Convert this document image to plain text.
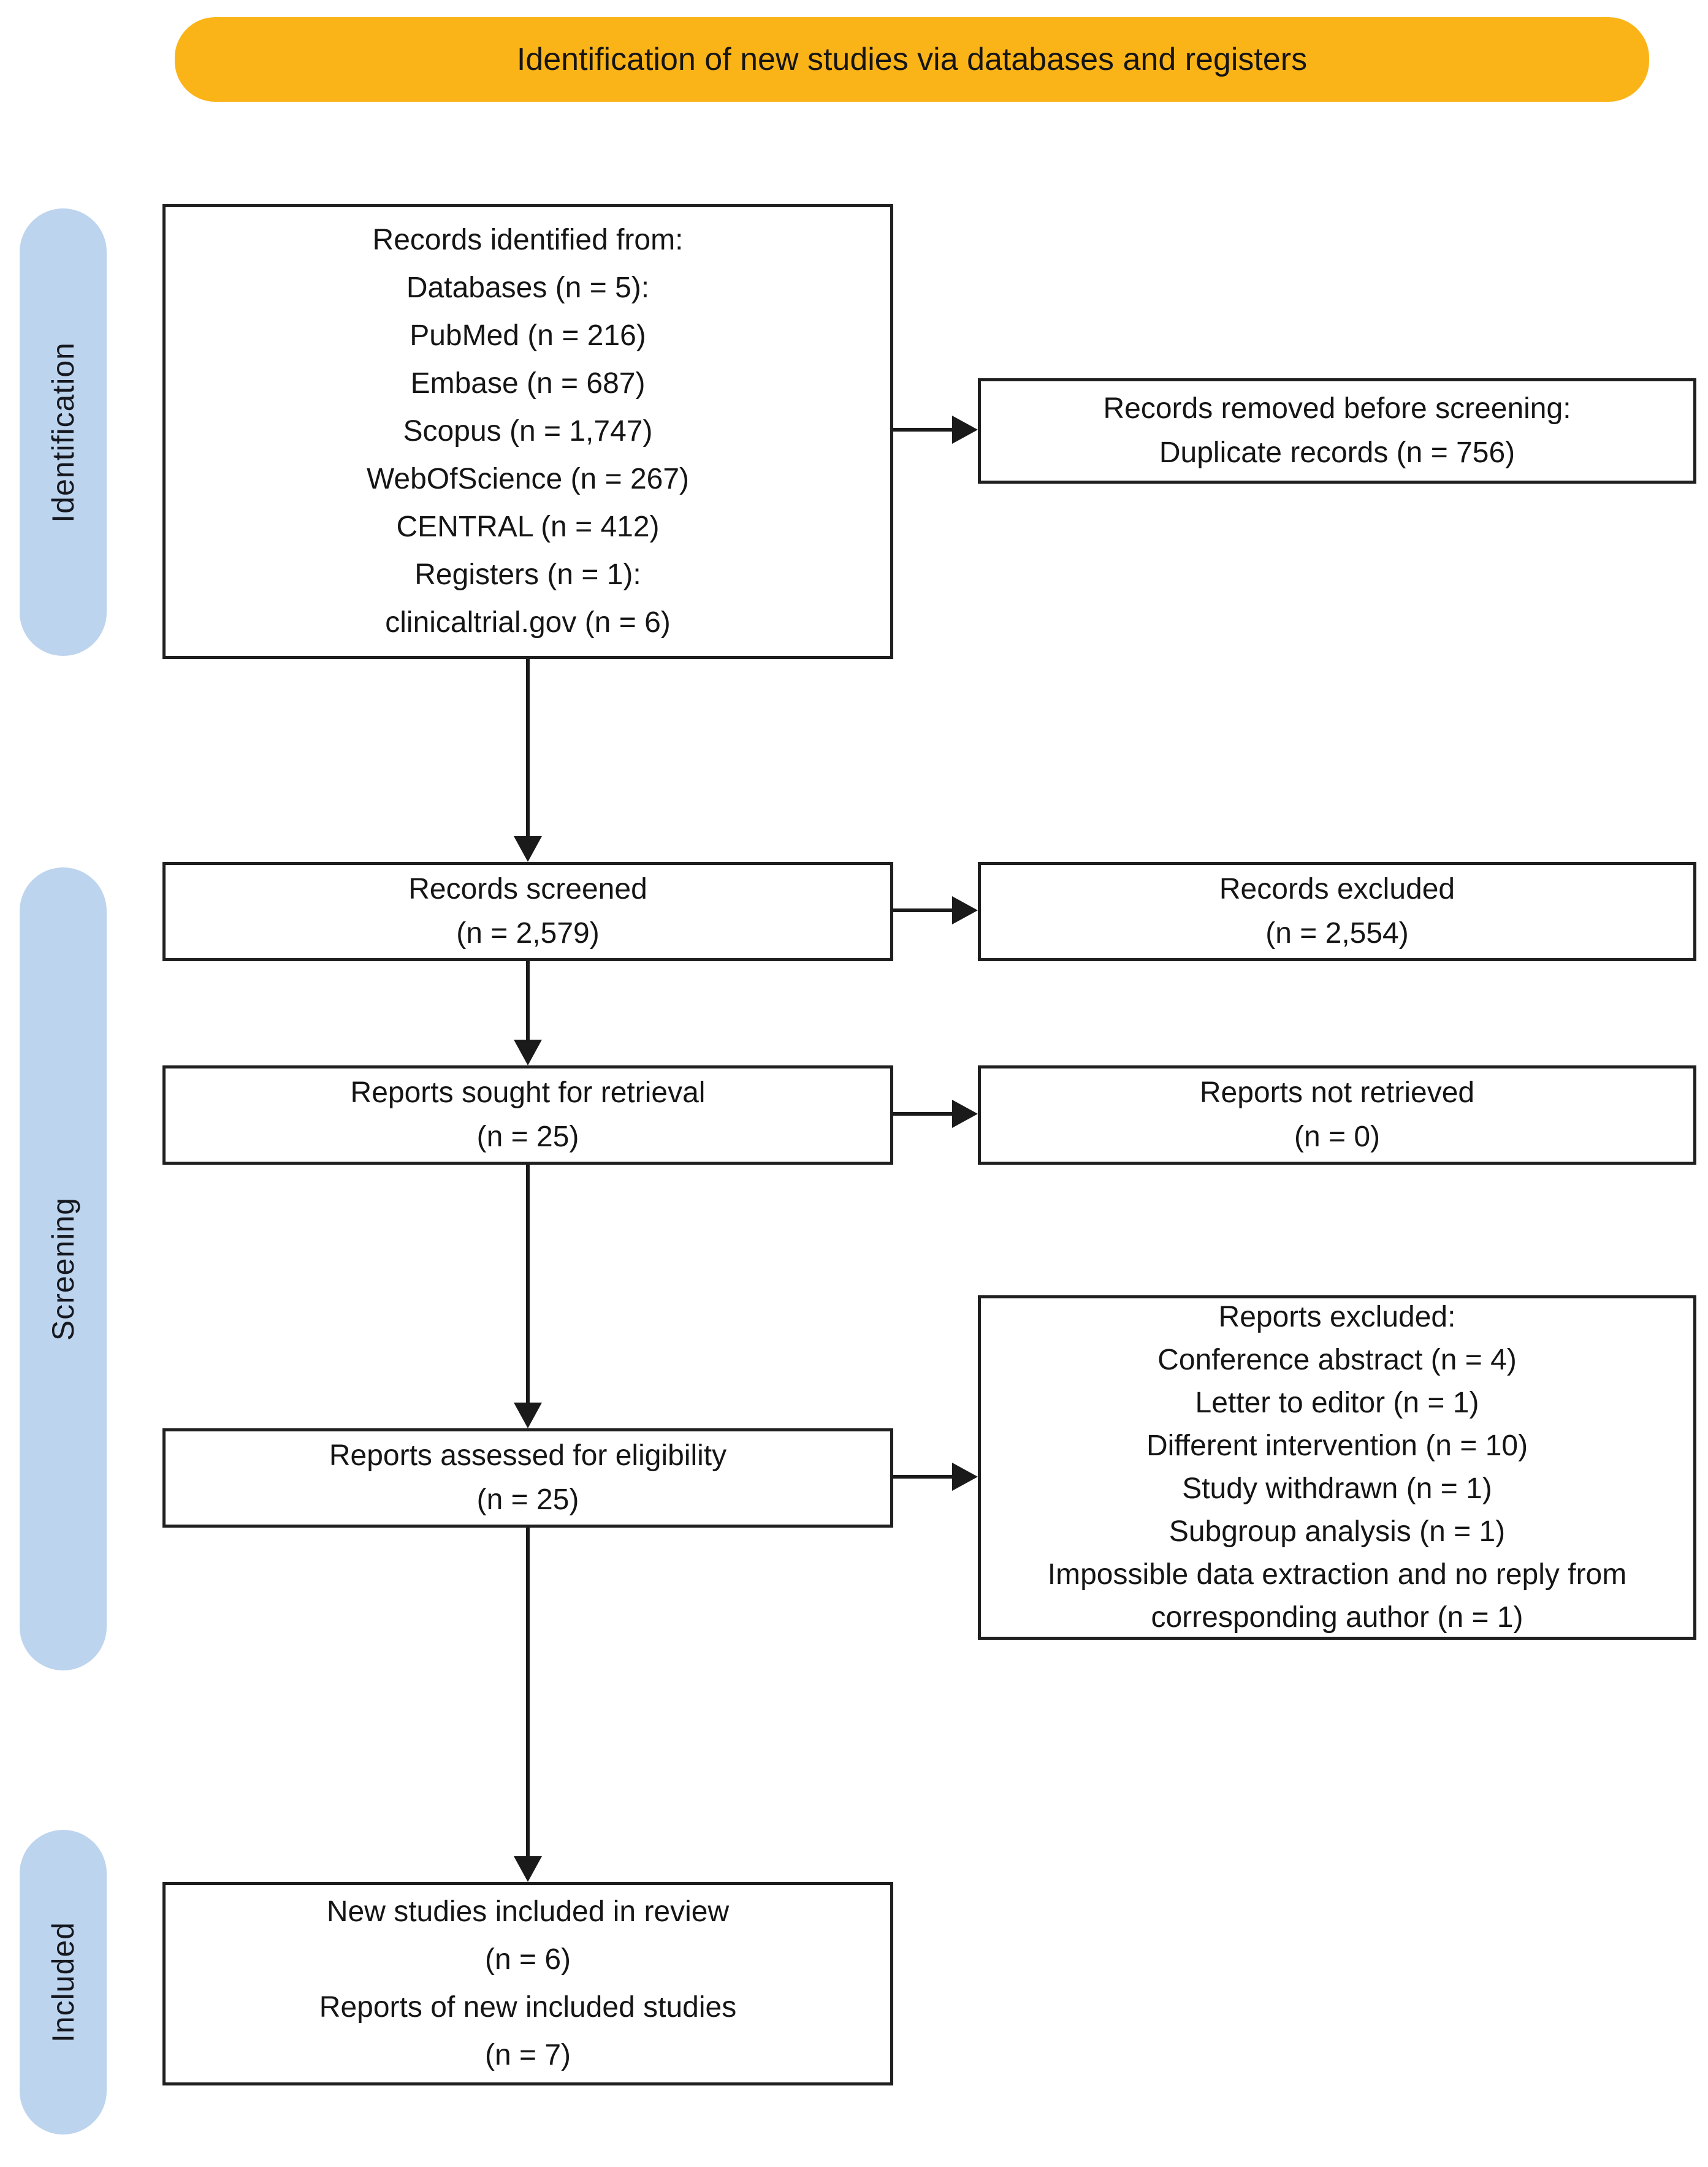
Identification of new studies via databases and registers
Identification
Screening
Included
Records identified from:
Databases (n = 5):
PubMed (n = 216)
Embase (n = 687)
Scopus (n = 1,747)
WebOfScience (n = 267)
CENTRAL (n = 412)
Registers (n = 1):
clinicaltrial.gov (n = 6)
Records screened
(n = 2,579)
Reports sought for retrieval
(n = 25)
Reports assessed for eligibility
(n = 25)
New studies included in review
(n = 6)
Reports of new included studies
(n = 7)
Records removed before screening:
Duplicate records (n = 756)
Records excluded
(n = 2,554)
Reports not retrieved
(n = 0)
Reports excluded:
Conference abstract (n = 4)
Letter to editor (n = 1)
Different intervention (n = 10)
Study withdrawn (n = 1)
Subgroup analysis (n = 1)
Impossible data extraction and no reply from corresponding author (n = 1)
